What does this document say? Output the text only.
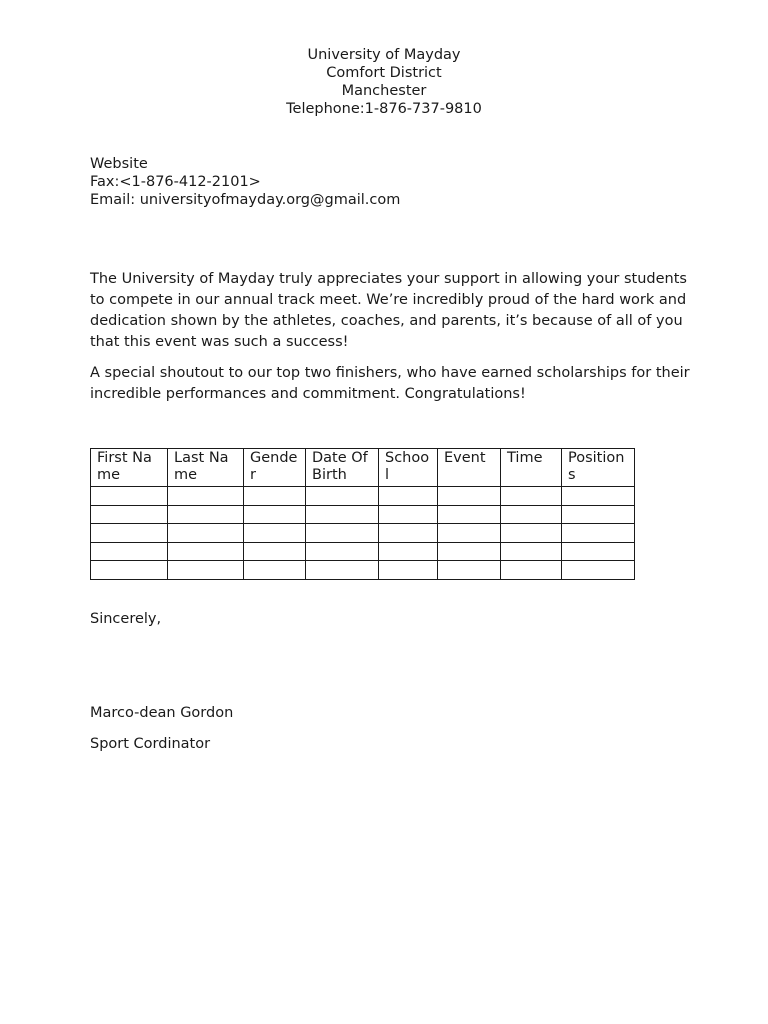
University of Mayday
Comfort District
Manchester
Telephone:1-876-737-9810
Website
Fax:<1-876-412-2101>
Email: universityofmayday.org@gmail.com

The University of Mayday truly appreciates your support in allowing your students to compete in our annual track meet. We’re incredibly proud of the hard work and dedication shown by the athletes, coaches, and parents, it’s because of all of you that this event was such a success!

A special shoutout to our top two finishers, who have earned scholarships for their incredible performances and commitment. Congratulations!

First Name	Last Name	Gender	Date Of Birth	School	Event	Time	Positions

Sincerely,
Marco-dean Gordon
Sport Cordinator
